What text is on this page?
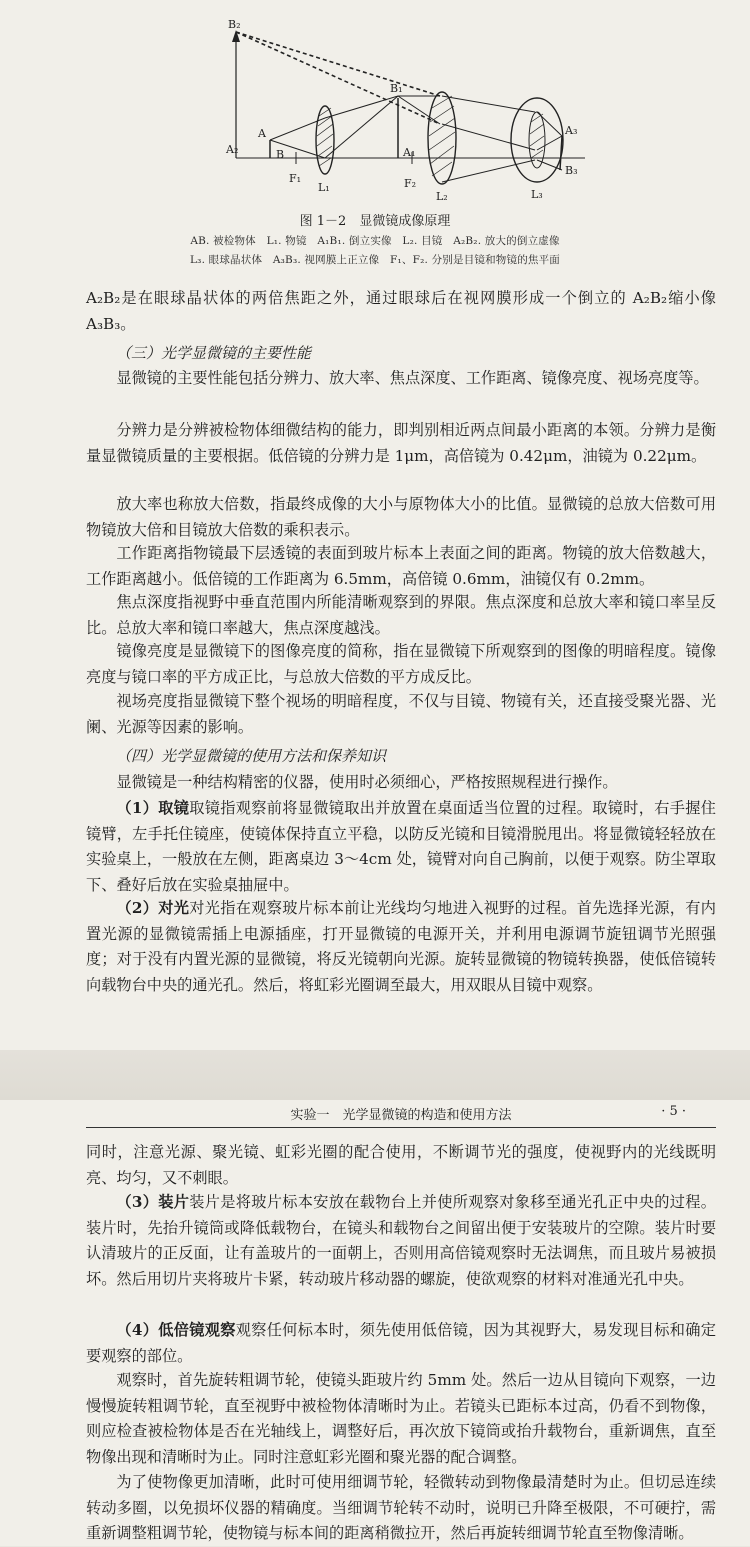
B₂
A₂
A
B
F₁
L₁
B₁
A₁
F₂
L₂
A₃
B₃
L₃
图 1－2　显微镜成像原理
AB. 被检物体　L₁. 物镜　A₁B₁. 倒立实像　L₂. 目镜　A₂B₂. 放大的倒立虚像
L₃. 眼球晶状体　A₃B₃. 视网膜上正立像　F₁、F₂. 分别是目镜和物镜的焦平面
A₂B₂是在眼球晶状体的两倍焦距之外，通过眼球后在视网膜形成一个倒立的 A₂B₂缩小像 A₃B₃。
（三）光学显微镜的主要性能
显微镜的主要性能包括分辨力、放大率、焦点深度、工作距离、镜像亮度、视场亮度等。
分辨力是分辨被检物体细微结构的能力，即判别相近两点间最小距离的本领。分辨力是衡量显微镜质量的主要根据。低倍镜的分辨力是 1μm，高倍镜为 0.42μm，油镜为 0.22μm。
放大率也称放大倍数，指最终成像的大小与原物体大小的比值。显微镜的总放大倍数可用物镜放大倍和目镜放大倍数的乘积表示。
工作距离指物镜最下层透镜的表面到玻片标本上表面之间的距离。物镜的放大倍数越大，工作距离越小。低倍镜的工作距离为 6.5mm，高倍镜 0.6mm，油镜仅有 0.2mm。
焦点深度指视野中垂直范围内所能清晰观察到的界限。焦点深度和总放大率和镜口率呈反比。总放大率和镜口率越大，焦点深度越浅。
镜像亮度是显微镜下的图像亮度的简称，指在显微镜下所观察到的图像的明暗程度。镜像亮度与镜口率的平方成正比，与总放大倍数的平方成反比。
视场亮度指显微镜下整个视场的明暗程度，不仅与目镜、物镜有关，还直接受聚光器、光阑、光源等因素的影响。
（四）光学显微镜的使用方法和保养知识
显微镜是一种结构精密的仪器，使用时必须细心，严格按照规程进行操作。
（1）取镜取镜指观察前将显微镜取出并放置在桌面适当位置的过程。取镜时，右手握住镜臂，左手托住镜座，使镜体保持直立平稳，以防反光镜和目镜滑脱甩出。将显微镜轻轻放在实验桌上，一般放在左侧，距离桌边 3～4cm 处，镜臂对向自己胸前，以便于观察。防尘罩取下、叠好后放在实验桌抽屉中。
（2）对光对光指在观察玻片标本前让光线均匀地进入视野的过程。首先选择光源，有内置光源的显微镜需插上电源插座，打开显微镜的电源开关，并利用电源调节旋钮调节光照强度；对于没有内置光源的显微镜，将反光镜朝向光源。旋转显微镜的物镜转换器，使低倍镜转向载物台中央的通光孔。然后，将虹彩光圈调至最大，用双眼从目镜中观察。
实验一　光学显微镜的构造和使用方法	· 5 ·
同时，注意光源、聚光镜、虹彩光圈的配合使用，不断调节光的强度，使视野内的光线既明亮、均匀，又不刺眼。
（3）装片装片是将玻片标本安放在载物台上并使所观察对象移至通光孔正中央的过程。装片时，先抬升镜筒或降低载物台，在镜头和载物台之间留出便于安装玻片的空隙。装片时要认清玻片的正反面，让有盖玻片的一面朝上，否则用高倍镜观察时无法调焦，而且玻片易被损坏。然后用切片夹将玻片卡紧，转动玻片移动器的螺旋，使欲观察的材料对准通光孔中央。
（4）低倍镜观察观察任何标本时，须先使用低倍镜，因为其视野大，易发现目标和确定要观察的部位。
观察时，首先旋转粗调节轮，使镜头距玻片约 5mm 处。然后一边从目镜向下观察，一边慢慢旋转粗调节轮，直至视野中被检物体清晰时为止。若镜头已距标本过高，仍看不到物像，则应检查被检物体是否在光轴线上，调整好后，再次放下镜筒或抬升载物台，重新调焦，直至物像出现和清晰时为止。同时注意虹彩光圈和聚光器的配合调整。
为了使物像更加清晰，此时可使用细调节轮，轻微转动到物像最清楚时为止。但切忌连续转动多圈，以免损坏仪器的精确度。当细调节轮转不动时，说明已升降至极限，不可硬拧，需重新调整粗调节轮，使物镜与标本间的距离稍微拉开，然后再旋转细调节轮直至物像清晰。
